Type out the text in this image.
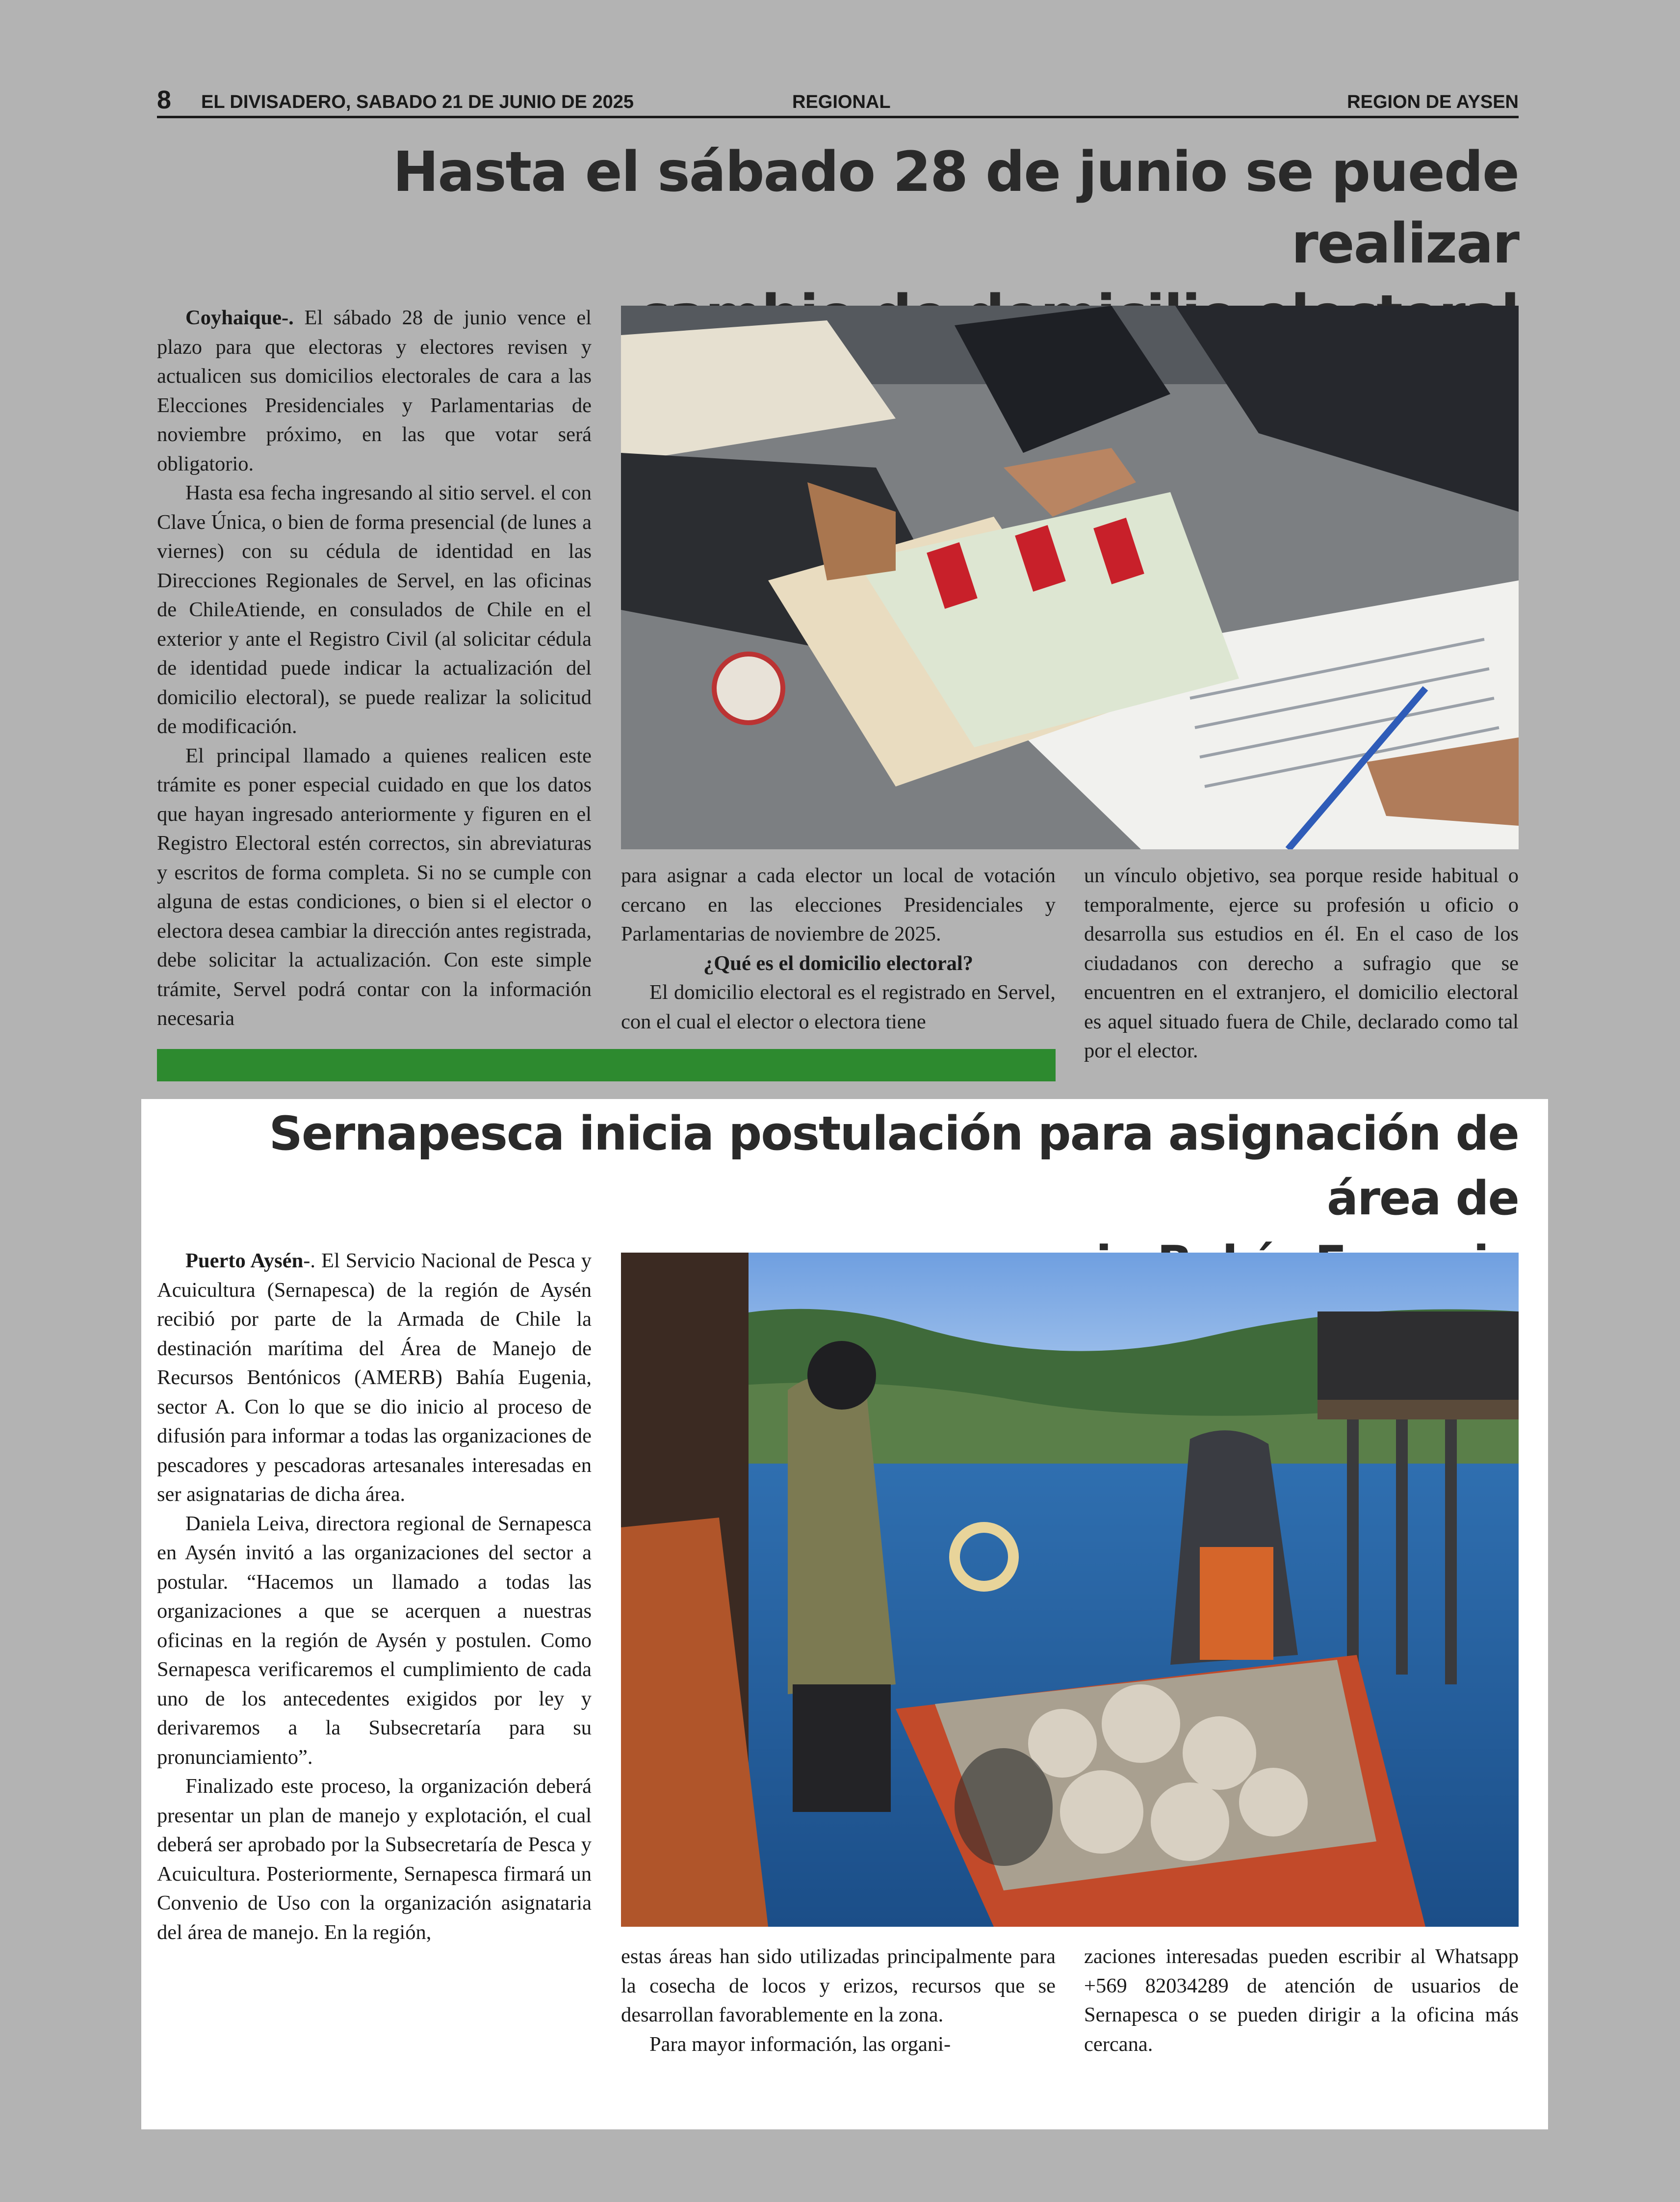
8 EL DIVISADERO, SABADO 21 DE JUNIO DE 2025	REGIONAL	REGION DE AYSEN
Hasta el sábado 28 de junio se puede realizar

Coyhaique-. El sábado 28 de junio vence el plazo para que electoras y electores revisen y actualicen sus domicilios electorales de cara a las Elecciones Presidenciales y Parlamentarias de noviembre próximo, en las que votar será obligatorio.

Hasta esa fecha ingresando al sitio servel. el con Clave Única, o bien de forma presencial (de lunes a viernes) con su cédula de identidad en las Direcciones Regionales de Servel, en las oficinas de ChileAtiende, en consulados de Chile en el exterior y ante el Registro Civil (al solicitar cédula de identidad puede indicar la actualización del domicilio electoral), se puede realizar la solicitud de modificación.

El principal llamado a quienes realicen este trámite es poner especial cuidado en que los datos que hayan ingresado anteriormente y figuren en el Registro Electoral estén correctos, sin abreviaturas y escritos de forma completa. Si no se cumple con alguna de estas condiciones, o bien si el elector o electora desea cambiar la dirección antes registrada, debe solicitar la actualización. Con este simple trámite, Servel podrá contar con la información necesaria

para asignar a cada elector un local de votación cercano en las elecciones Presidenciales y Parlamentarias de noviembre de 2025.

¿Qué es el domicilio electoral?

El domicilio electoral es el registrado en Servel, con el cual el elector o electora tiene

un vínculo objetivo, sea porque reside habitual o temporalmente, ejerce su profesión u oficio o desarrolla sus estudios en él. En el caso de los ciudadanos con derecho a sufragio que se encuentren en el extranjero, el domicilio electoral es aquel situado fuera de Chile, declarado como tal por el elector.

Sernapesca inicia postulación para asignación de área de

Puerto Aysén-. El Servicio Nacional de Pesca y Acuicultura (Sernapesca) de la región de Aysén recibió por parte de la Armada de Chile la destinación marítima del Área de Manejo de Recursos Bentónicos (AMERB) Bahía Eugenia, sector A. Con lo que se dio inicio al proceso de difusión para informar a todas las organizaciones de pescadores y pescadoras artesanales interesadas en ser asignatarias de dicha área.

Daniela Leiva, directora regional de Sernapesca en Aysén invitó a las organizaciones del sector a postular. “Hacemos un llamado a todas las organizaciones a que se acerquen a nuestras oficinas en la región de Aysén y postulen. Como Sernapesca verificaremos el cumplimiento de cada uno de los antecedentes exigidos por ley y derivaremos a la Subsecretaría para su pronunciamiento”.

Finalizado este proceso, la organización deberá presentar un plan de manejo y explotación, el cual deberá ser aprobado por la Subsecretaría de Pesca y Acuicultura. Posteriormente, Sernapesca firmará un Convenio de Uso con la organización asignataria del área de manejo. En la región,

estas áreas han sido utilizadas principalmente para la cosecha de locos y erizos, recursos que se desarrollan favorablemente en la zona.

Para mayor información, las organi-

zaciones interesadas pueden escribir al Whatsapp +569 82034289 de atención de usuarios de Sernapesca o se pueden dirigir a la oficina más cercana.
